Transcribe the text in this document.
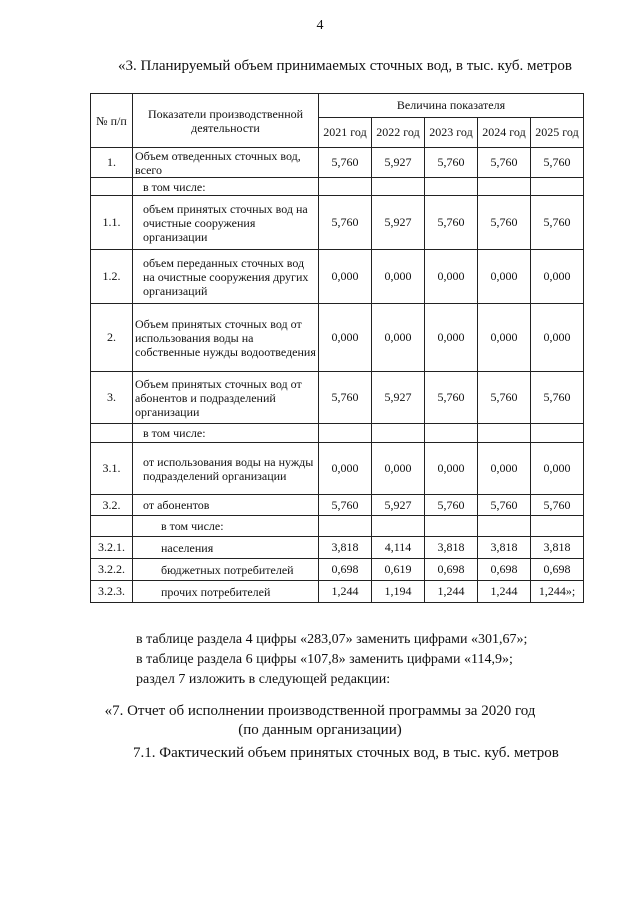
4
«3. Планируемый объем принимаемых сточных вод, в тыс. куб. метров
№ п/п	Показатели производственной деятельности	Величина показателя				
		2021 год	2022 год	2023 год	2024 год	2025 год
1.	Объем отведенных сточных вод, всего	5,760	5,927	5,760	5,760	5,760
	в том числе:					
1.1.	объем принятых сточных вод на очистные сооружения организации	5,760	5,927	5,760	5,760	5,760
1.2.	объем переданных сточных вод на очистные сооружения других организаций	0,000	0,000	0,000	0,000	0,000
2.	Объем принятых сточных вод от использования воды на собственные нужды водоотведения	0,000	0,000	0,000	0,000	0,000
3.	Объем принятых сточных вод от абонентов и подразделений организации	5,760	5,927	5,760	5,760	5,760
	в том числе:					
3.1.	от использования воды на нужды подразделений организации	0,000	0,000	0,000	0,000	0,000
3.2.	от абонентов	5,760	5,927	5,760	5,760	5,760
	в том числе:					
3.2.1.	населения	3,818	4,114	3,818	3,818	3,818
3.2.2.	бюджетных потребителей	0,698	0,619	0,698	0,698	0,698
3.2.3.	прочих потребителей	1,244	1,194	1,244	1,244	1,244»;
в таблице раздела 4 цифры «283,07» заменить цифрами «301,67»;
в таблице раздела 6 цифры «107,8» заменить цифрами «114,9»;
раздел 7 изложить в следующей редакции:
«7. Отчет об исполнении производственной программы за 2020 год
(по данным организации)
7.1. Фактический объем принятых сточных вод, в тыс. куб. метров
